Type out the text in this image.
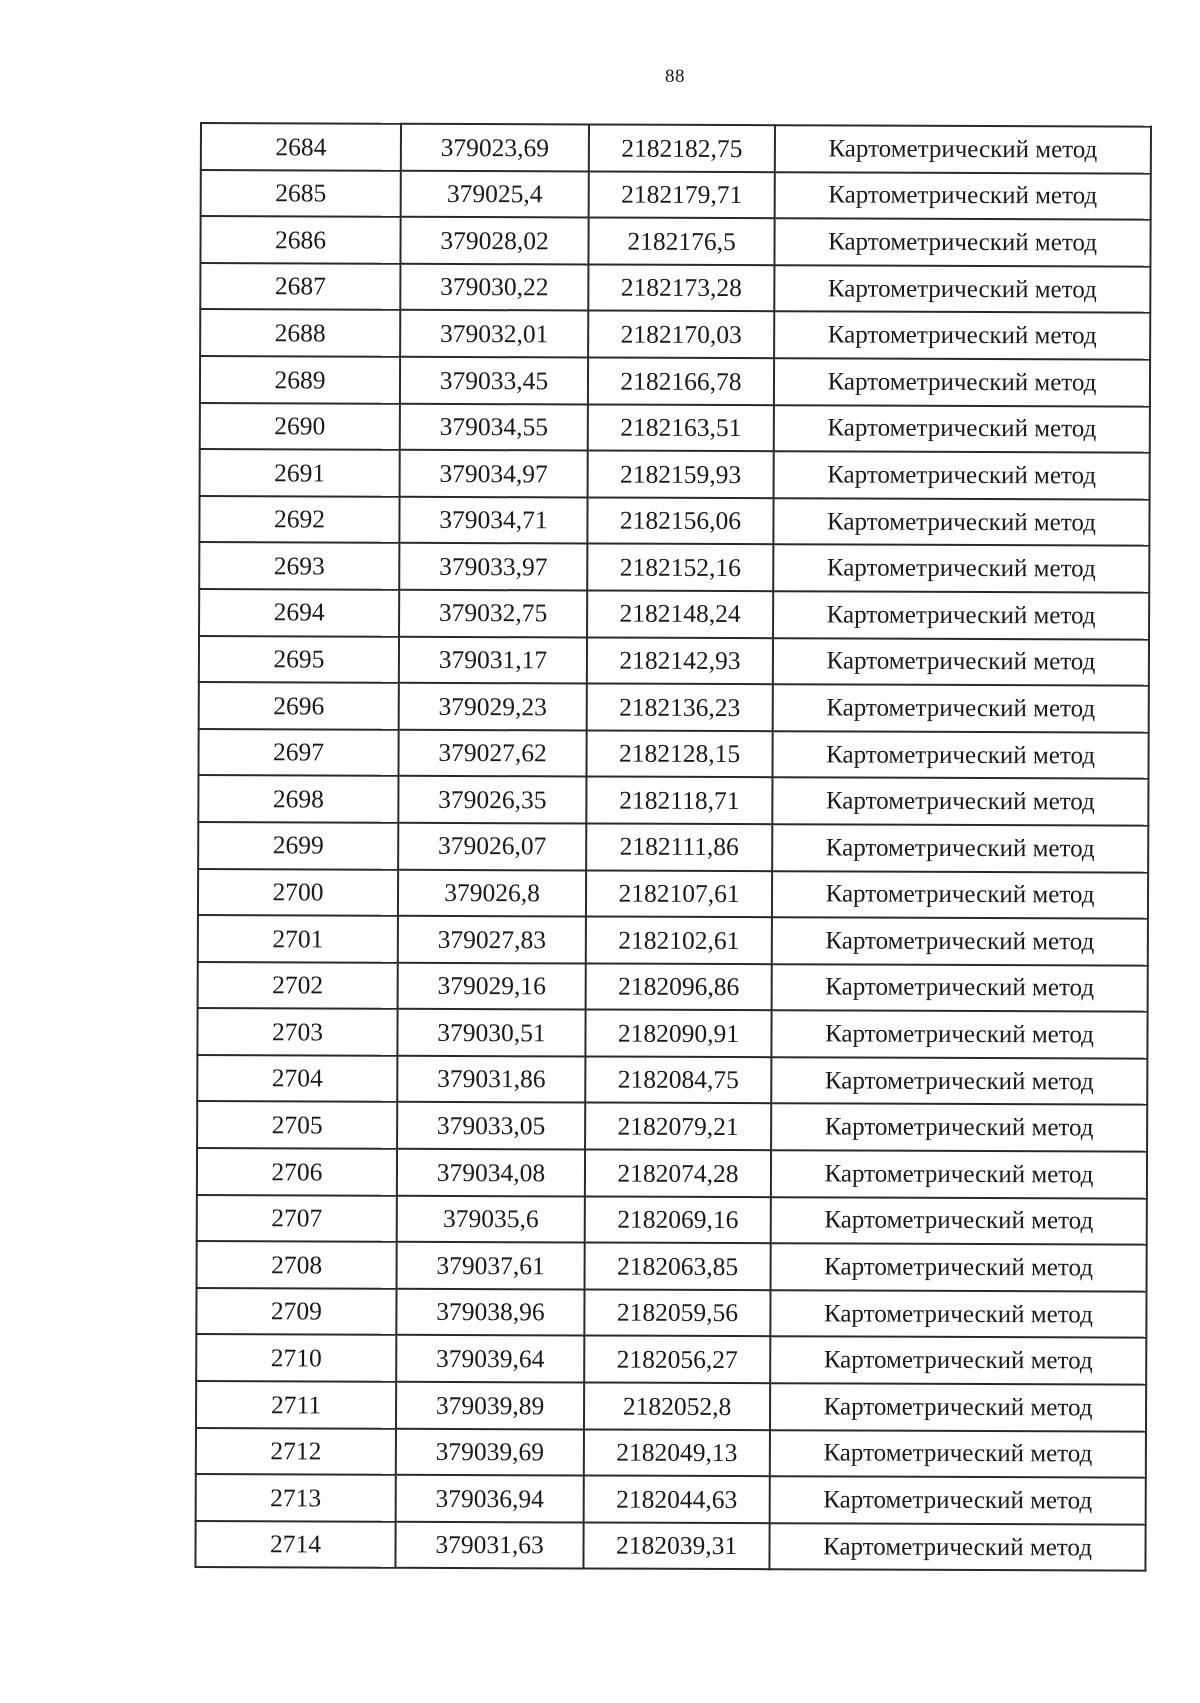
88
2684	379023,69	2182182,75	Картометрический метод
2685	379025,4	2182179,71	Картометрический метод
2686	379028,02	2182176,5	Картометрический метод
2687	379030,22	2182173,28	Картометрический метод
2688	379032,01	2182170,03	Картометрический метод
2689	379033,45	2182166,78	Картометрический метод
2690	379034,55	2182163,51	Картометрический метод
2691	379034,97	2182159,93	Картометрический метод
2692	379034,71	2182156,06	Картометрический метод
2693	379033,97	2182152,16	Картометрический метод
2694	379032,75	2182148,24	Картометрический метод
2695	379031,17	2182142,93	Картометрический метод
2696	379029,23	2182136,23	Картометрический метод
2697	379027,62	2182128,15	Картометрический метод
2698	379026,35	2182118,71	Картометрический метод
2699	379026,07	2182111,86	Картометрический метод
2700	379026,8	2182107,61	Картометрический метод
2701	379027,83	2182102,61	Картометрический метод
2702	379029,16	2182096,86	Картометрический метод
2703	379030,51	2182090,91	Картометрический метод
2704	379031,86	2182084,75	Картометрический метод
2705	379033,05	2182079,21	Картометрический метод
2706	379034,08	2182074,28	Картометрический метод
2707	379035,6	2182069,16	Картометрический метод
2708	379037,61	2182063,85	Картометрический метод
2709	379038,96	2182059,56	Картометрический метод
2710	379039,64	2182056,27	Картометрический метод
2711	379039,89	2182052,8	Картометрический метод
2712	379039,69	2182049,13	Картометрический метод
2713	379036,94	2182044,63	Картометрический метод
2714	379031,63	2182039,31	Картометрический метод
